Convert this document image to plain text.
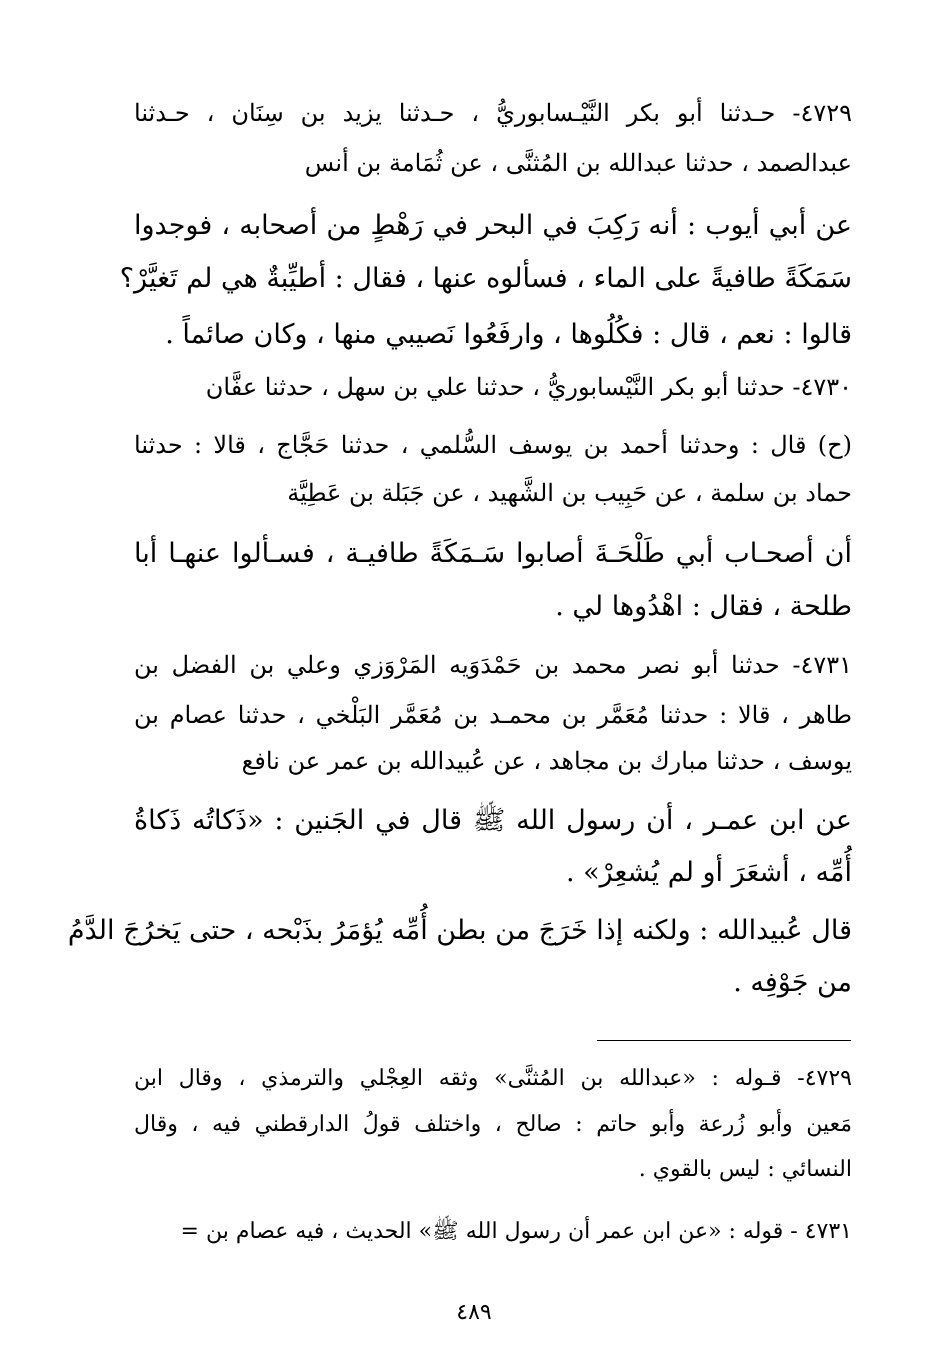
٤٧٢٩- حـدثنا أبو بكر النَّيْـسابوريُّ ، حـدثنا يزيد بن سِنَان ، حـدثنا
عبدالصمد ، حدثنا عبدالله بن المُثنَّى ، عن ثُمَامة بن أنس
عن أبي أيوب : أنه رَكِبَ في البحر في رَهْطٍ من أصحابه ، فوجدوا
سَمَكَةً طافيةً على الماء ، فسألوه عنها ، فقال : أطيِّبةٌ هي لم تَغيَّرْ؟
قالوا : نعم ، قال : فكُلُوها ، وارفَعُوا نَصيبي منها ، وكان صائماً .
٤٧٣٠- حدثنا أبو بكر النَّيْسابوريُّ ، حدثنا علي بن سهل ، حدثنا عفَّان
(ح) قال : وحدثنا أحمد بن يوسف السُّلمي ، حدثنا حَجَّاج ، قالا : حدثنا
حماد بن سلمة ، عن حَبِيب بن الشَّهيد ، عن جَبَلة بن عَطِيَّة
أن أصحـاب أبي طَلْحَـةَ أصابوا سَـمَكَةً طافيـة ، فسـألوا عنهـا أبا
طلحة ، فقال : اهْدُوها لي .
٤٧٣١- حدثنا أبو نصر محمد بن حَمْدَوَيه المَرْوَزي وعلي بن الفضل بن
طاهر ، قالا : حدثنا مُعَمَّر بن محمـد بن مُعَمَّر البَلْخي ، حدثنا عصام بن
يوسف ، حدثنا مبارك بن مجاهد ، عن عُبيدالله بن عمر عن نافع
عن ابن عمـر ، أن رسول الله ﷺ قال في الجَنين : «ذَكاتُه ذَكاةُ
أُمِّه ، أشعَرَ أو لم يُشعِرْ» .
قال عُبيدالله : ولكنه إذا خَرَجَ من بطن أُمِّه يُؤمَرُ بذَبْحه ، حتى يَخرُجَ الدَّمُ
من جَوْفِه .
٤٧٢٩- قـوله : «عبدالله بن المُثنَّى» وثقه العِجْلي والترمذي ، وقال ابن
مَعين وأبو زُرعة وأبو حاتم : صالح ، واختلف قولُ الدارقطني فيه ، وقال
النسائي : ليس بالقوي .
٤٧٣١ - قوله : «عن ابن عمر أن رسول الله ﷺ» الحديث ، فيه عصام بن =
٤٨٩
